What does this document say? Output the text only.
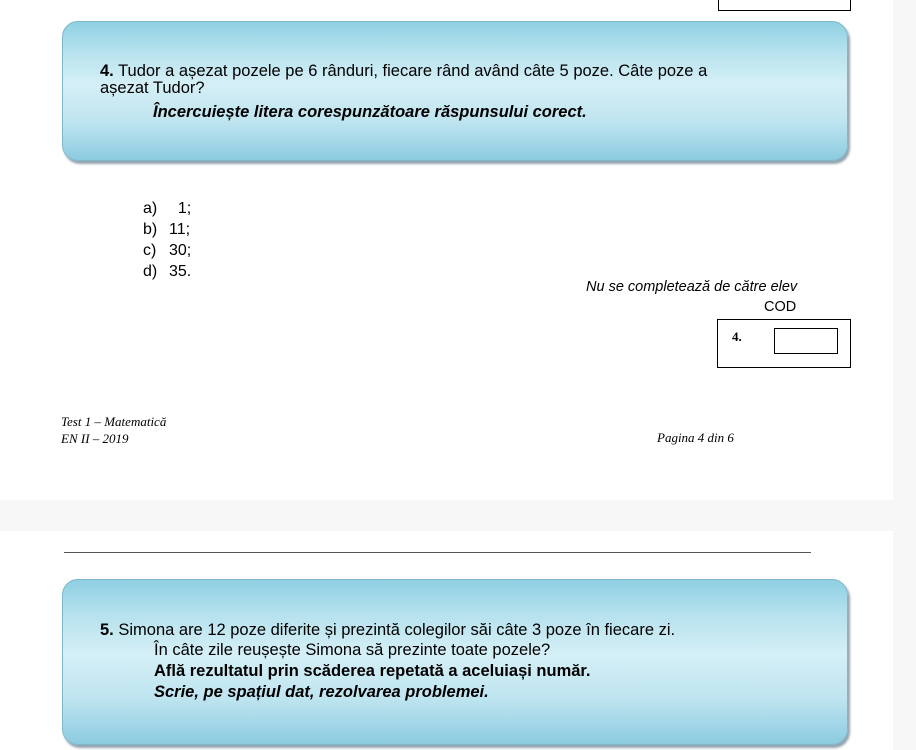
4. Tudor a așezat pozele pe 6 rânduri, fiecare rând având câte 5 poze. Câte poze a
așezat Tudor?
Încercuiește litera corespunzătoare răspunsului corect.
a)  1;
b) 11;
c) 30;
d) 35.
Nu se completează de către elev
COD
4.
Test 1 – Matematică
EN II – 2019	Pagina 4 din 6
5. Simona are 12 poze diferite și prezintă colegilor săi câte 3 poze în fiecare zi.
În câte zile reușește Simona să prezinte toate pozele?
Află rezultatul prin scăderea repetată a aceluiași număr.
Scrie, pe spațiul dat, rezolvarea problemei.
